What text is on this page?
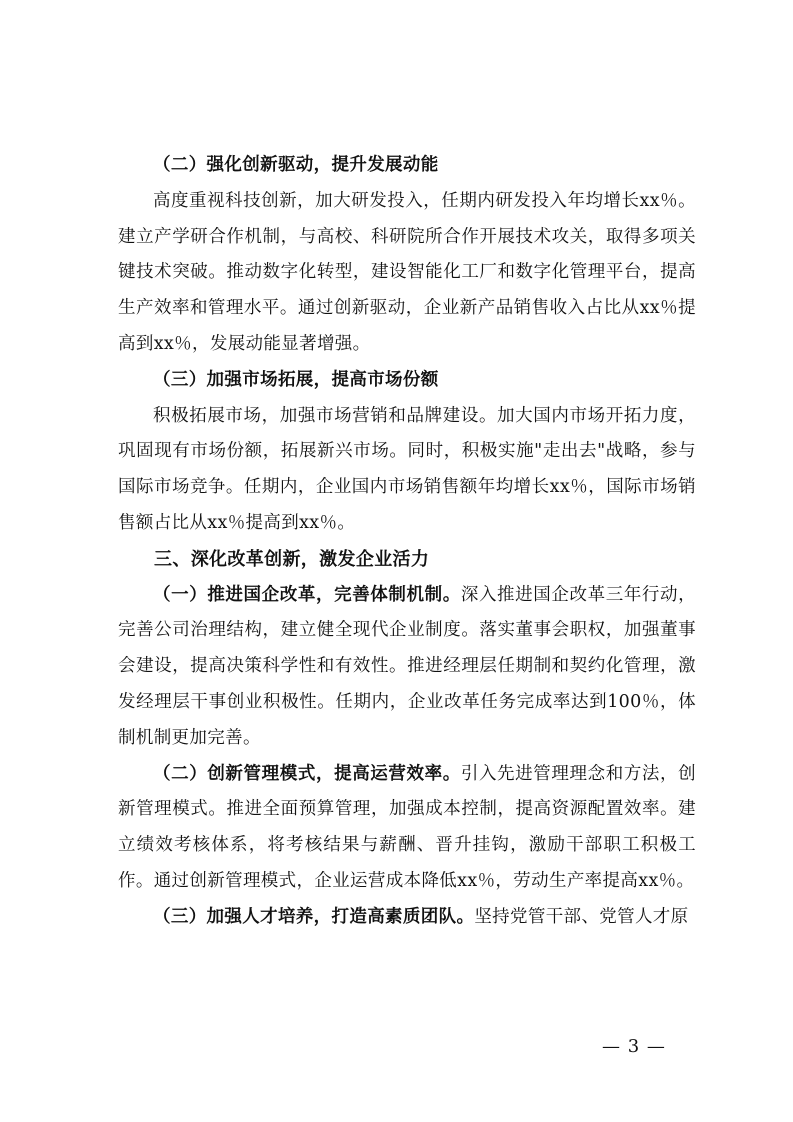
（二）强化创新驱动，提升发展动能

高度重视科技创新，加大研发投入，任期内研发投入年均增长xx％。建立产学研合作机制，与高校、科研院所合作开展技术攻关，取得多项关键技术突破。推动数字化转型，建设智能化工厂和数字化管理平台，提高生产效率和管理水平。通过创新驱动，企业新产品销售收入占比从xx％提高到xx％，发展动能显著增强。

（三）加强市场拓展，提高市场份额

积极拓展市场，加强市场营销和品牌建设。加大国内市场开拓力度，巩固现有市场份额，拓展新兴市场。同时，积极实施"走出去"战略，参与国际市场竞争。任期内，企业国内市场销售额年均增长xx％，国际市场销售额占比从xx％提高到xx％。

三、深化改革创新，激发企业活力

（一）推进国企改革，完善体制机制。深入推进国企改革三年行动，完善公司治理结构，建立健全现代企业制度。落实董事会职权，加强董事会建设，提高决策科学性和有效性。推进经理层任期制和契约化管理，激发经理层干事创业积极性。任期内，企业改革任务完成率达到100％，体制机制更加完善。

（二）创新管理模式，提高运营效率。引入先进管理理念和方法，创新管理模式。推进全面预算管理，加强成本控制，提高资源配置效率。建立绩效考核体系，将考核结果与薪酬、晋升挂钩，激励干部职工积极工作。通过创新管理模式，企业运营成本降低xx％，劳动生产率提高xx％。

（三）加强人才培养，打造高素质团队。坚持党管干部、党管人才原

— 3 —
